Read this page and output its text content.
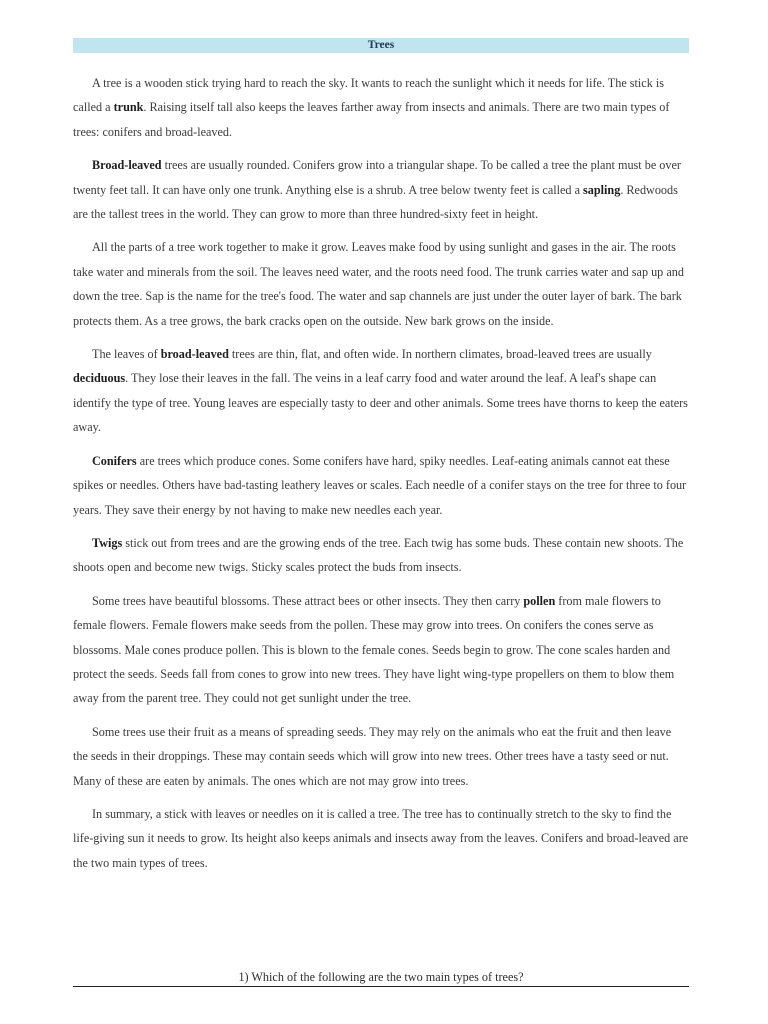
Trees

A tree is a wooden stick trying hard to reach the sky. It wants to reach the sunlight which it needs for life. The stick is called a trunk. Raising itself tall also keeps the leaves farther away from insects and animals. There are two main types of trees: conifers and broad-leaved.

Broad-leaved trees are usually rounded. Conifers grow into a triangular shape. To be called a tree the plant must be over twenty feet tall. It can have only one trunk. Anything else is a shrub. A tree below twenty feet is called a sapling. Redwoods are the tallest trees in the world. They can grow to more than three hundred-sixty feet in height.

All the parts of a tree work together to make it grow. Leaves make food by using sunlight and gases in the air. The roots take water and minerals from the soil. The leaves need water, and the roots need food. The trunk carries water and sap up and down the tree. Sap is the name for the tree's food. The water and sap channels are just under the outer layer of bark. The bark protects them. As a tree grows, the bark cracks open on the outside. New bark grows on the inside.

The leaves of broad-leaved trees are thin, flat, and often wide. In northern climates, broad-leaved trees are usually deciduous. They lose their leaves in the fall. The veins in a leaf carry food and water around the leaf. A leaf's shape can identify the type of tree. Young leaves are especially tasty to deer and other animals. Some trees have thorns to keep the eaters away.

Conifers are trees which produce cones. Some conifers have hard, spiky needles. Leaf-eating animals cannot eat these spikes or needles. Others have bad-tasting leathery leaves or scales. Each needle of a conifer stays on the tree for three to four years. They save their energy by not having to make new needles each year.

Twigs stick out from trees and are the growing ends of the tree. Each twig has some buds. These contain new shoots. The shoots open and become new twigs. Sticky scales protect the buds from insects.

Some trees have beautiful blossoms. These attract bees or other insects. They then carry pollen from male flowers to female flowers. Female flowers make seeds from the pollen. These may grow into trees. On conifers the cones serve as blossoms. Male cones produce pollen. This is blown to the female cones. Seeds begin to grow. The cone scales harden and protect the seeds. Seeds fall from cones to grow into new trees. They have light wing-type propellers on them to blow them away from the parent tree. They could not get sunlight under the tree.

Some trees use their fruit as a means of spreading seeds. They may rely on the animals who eat the fruit and then leave the seeds in their droppings. These may contain seeds which will grow into new trees. Other trees have a tasty seed or nut. Many of these are eaten by animals. The ones which are not may grow into trees.

In summary, a stick with leaves or needles on it is called a tree. The tree has to continually stretch to the sky to find the life-giving sun it needs to grow. Its height also keeps animals and insects away from the leaves. Conifers and broad-leaved are the two main types of trees.

1) Which of the following are the two main types of trees?
